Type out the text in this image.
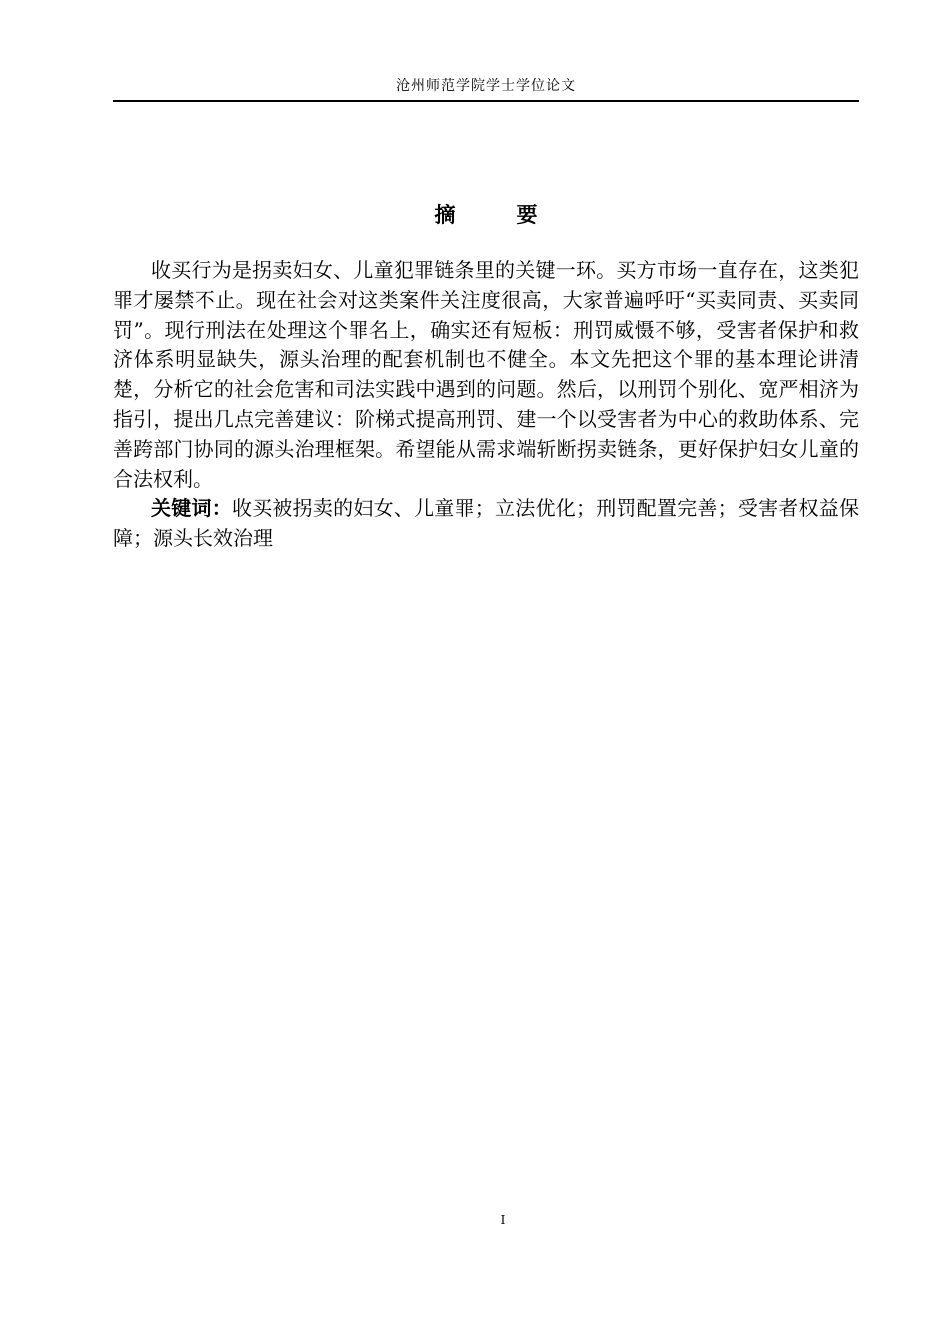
沧州师范学院学士学位论文
摘　要

收买行为是拐卖妇女、儿童犯罪链条里的关键一环。买方市场一直存在，这类犯罪才屡禁不止。现在社会对这类案件关注度很高，大家普遍呼吁“买卖同责、买卖同罚”。现行刑法在处理这个罪名上，确实还有短板：刑罚威慑不够，受害者保护和救济体系明显缺失，源头治理的配套机制也不健全。本文先把这个罪的基本理论讲清楚，分析它的社会危害和司法实践中遇到的问题。然后，以刑罚个别化、宽严相济为指引，提出几点完善建议：阶梯式提高刑罚、建一个以受害者为中心的救助体系、完善跨部门协同的源头治理框架。希望能从需求端斩断拐卖链条，更好保护妇女儿童的合法权利。

关键词：收买被拐卖的妇女、儿童罪；立法优化；刑罚配置完善；受害者权益保障；源头长效治理

I
